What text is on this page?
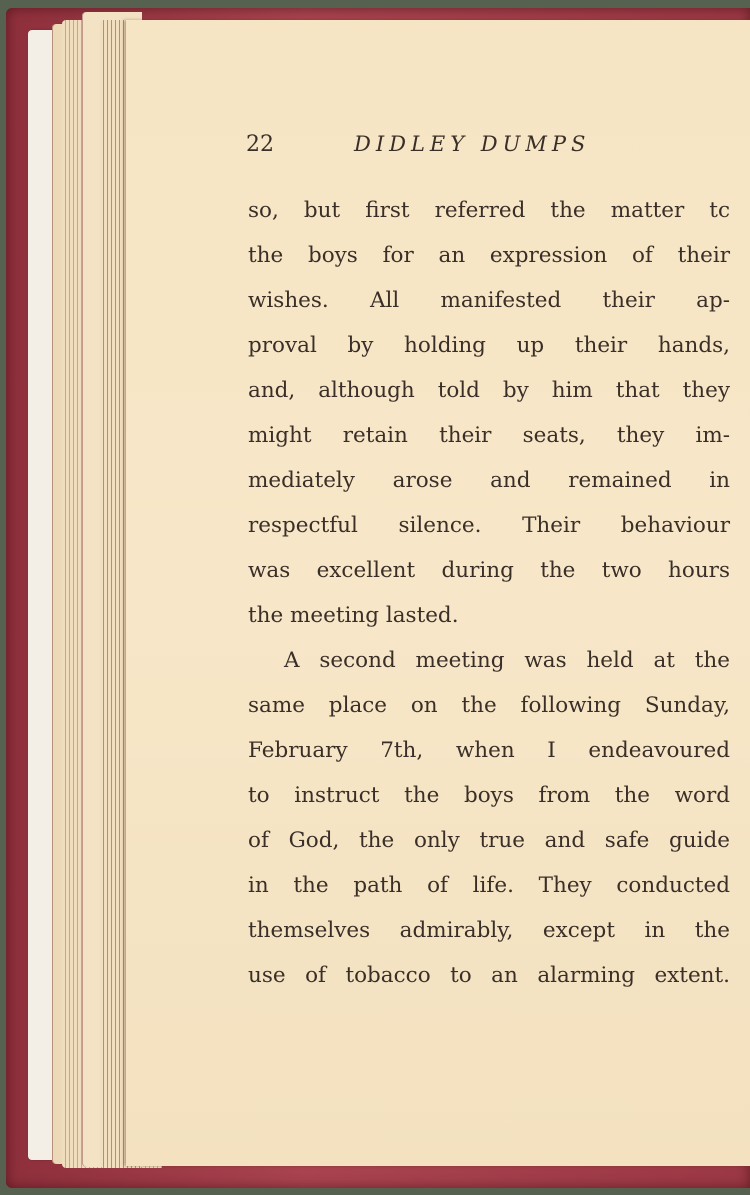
22	DIDLEY DUMPS
so, but first referred the matter tc
the boys for an expression of their
wishes. All manifested their ap-
proval by holding up their hands,
and, although told by him that they
might retain their seats, they im-
mediately arose and remained in
respectful silence. Their behaviour
was excellent during the two hours
the meeting lasted.
A second meeting was held at the
same place on the following Sunday,
February 7th, when I endeavoured
to instruct the boys from the word
of God, the only true and safe guide
in the path of life. They conducted
themselves admirably, except in the
use of tobacco to an alarming extent.
